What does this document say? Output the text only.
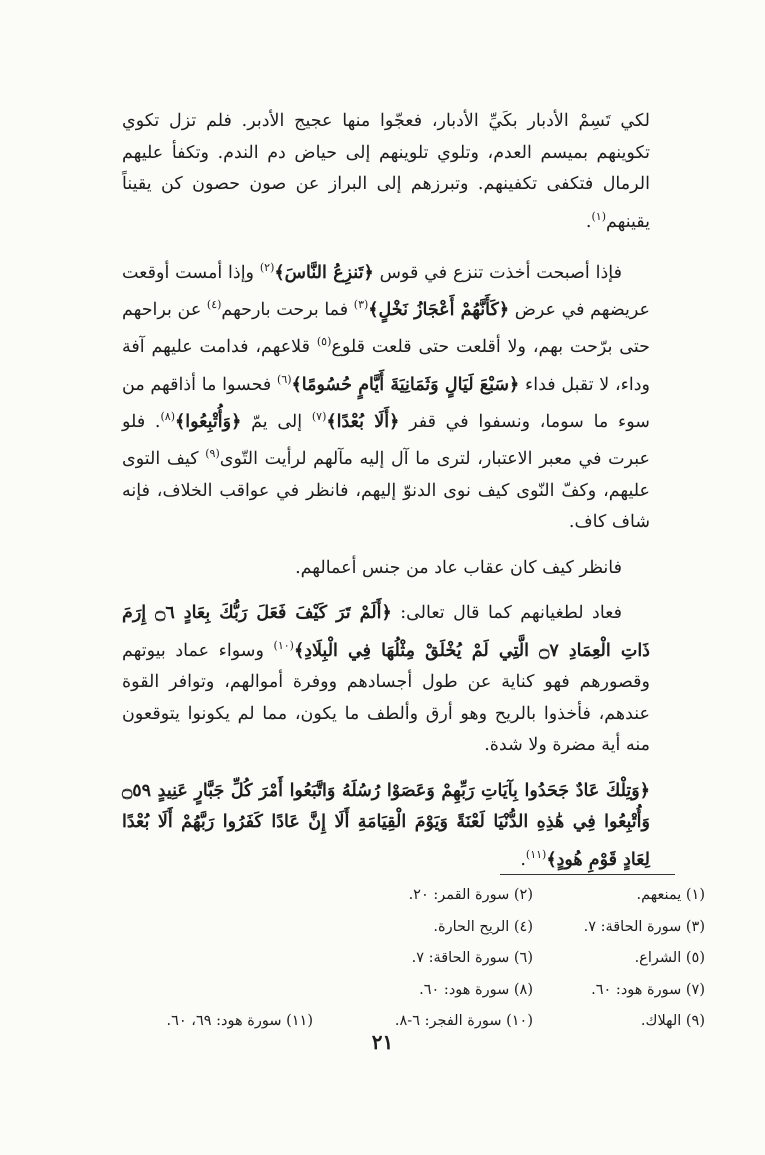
لكي تَسِمْ الأدبار بكَيِّ الأدبار، فعجّوا منها عجيج الأدبر. فلم تزل تكوي تكوينهم بميسم العدم، وتلوي تلوينهم إلى حياض دم الندم. وتكفأ عليهم الرمال فتكفى تكفينهم. وتبرزهم إلى البراز عن صون حصون كن يقيناً يقينهم$^{(١)}$.

فإذا أصبحت أخذت تنزع في قوس ﴿تَنزِعُ النَّاسَ﴾$^{(٢)}$ وإذا أمست أوقعت عريضهم في عرض ﴿كَأَنَّهُمْ أَعْجَازُ نَخْلٍ﴾$^{(٣)}$ فما برحت بارحهم$^{(٤)}$ عن براحهم حتى برّحت بهم، ولا أقلعت حتى قلعت قلوع$^{(٥)}$ قلاعهم، فدامت عليهم آفة وداء، لا تقبل فداء ﴿سَبْعَ لَيَالٍ وَثَمَانِيَةَ أَيَّامٍ حُسُومًا﴾$^{(٦)}$ فحسوا ما أذاقهم من سوء ما سوما، ونسفوا في قفر ﴿أَلَا بُعْدًا﴾$^{(٧)}$ إلى يمّ ﴿وَأُتْبِعُوا﴾$^{(٨)}$. فلو عبرت في معبر الاعتبار، لترى ما آل إليه مآلهم لرأيت التّوى$^{(٩)}$ كيف التوى عليهم، وكفّ النّوى كيف نوى الدنوّ إليهم، فانظر في عواقب الخلاف، فإنه شاف كاف.

فانظر كيف كان عقاب عاد من جنس أعمالهم.

فعاد لطغيانهم كما قال تعالى: ﴿أَلَمْ تَرَ كَيْفَ فَعَلَ رَبُّكَ بِعَادٍ ۝٦ إِرَمَ ذَاتِ الْعِمَادِ ۝٧ الَّتِي لَمْ يُخْلَقْ مِثْلُهَا فِي الْبِلَادِ﴾$^{(١٠)}$ وسواء عماد بيوتهم وقصورهم فهو كناية عن طول أجسادهم ووفرة أموالهم، وتوافر القوة عندهم، فأخذوا بالريح وهو أرق وألطف ما يكون، مما لم يكونوا يتوقعون منه أية مضرة ولا شدة.

﴿وَتِلْكَ عَادٌ جَحَدُوا بِآيَاتِ رَبِّهِمْ وَعَصَوْا رُسُلَهُ وَاتَّبَعُوا أَمْرَ كُلِّ جَبَّارٍ عَنِيدٍ ۝٥٩ وَأُتْبِعُوا فِي هَٰذِهِ الدُّنْيَا لَعْنَةً وَيَوْمَ الْقِيَامَةِ أَلَا إِنَّ عَادًا كَفَرُوا رَبَّهُمْ أَلَا بُعْدًا لِعَادٍ قَوْمِ هُودٍ﴾$^{(١١)}$.

(١) يمنعهم.
(٢) سورة القمر: ٢٠.
(٣) سورة الحاقة: ٧.
(٤) الريح الحارة.
(٥) الشراع.
(٦) سورة الحاقة: ٧.
(٧) سورة هود: ٦٠.
(٨) سورة هود: ٦٠.
(٩) الهلاك.
(١٠) سورة الفجر: ٦-٨.
(١١) سورة هود: ٦٩، ٦٠.
٢١
